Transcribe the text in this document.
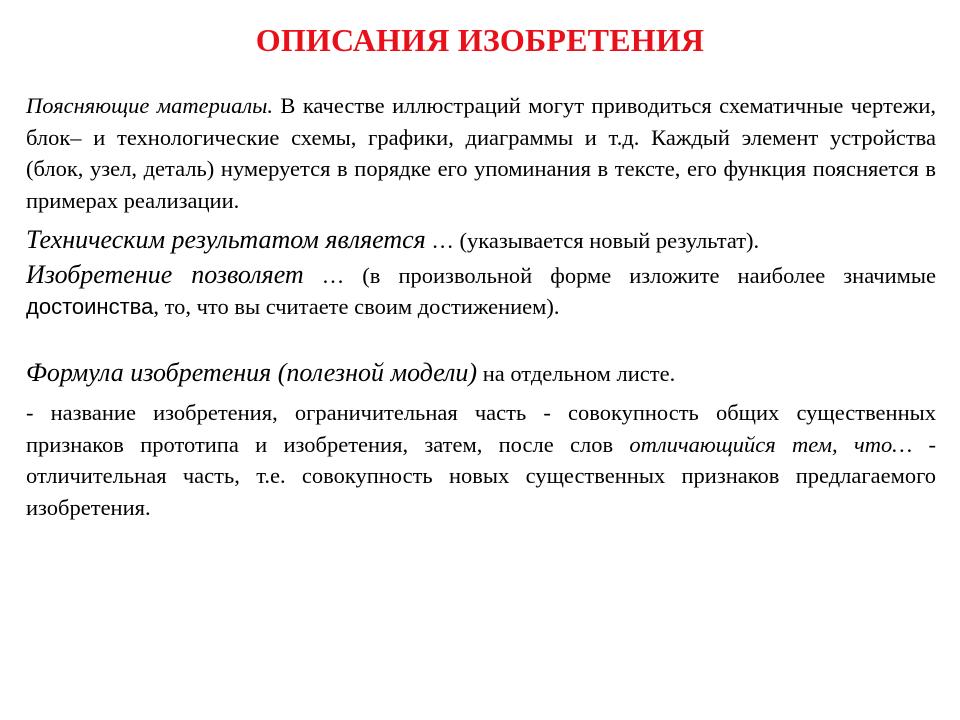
ОПИСАНИЯ ИЗОБРЕТЕНИЯ

Поясняющие материалы. В качестве иллюстраций могут приводиться схематичные чертежи, блок– и технологические схемы, графики, диаграммы и т.д. Каждый элемент устройства (блок, узел, деталь) нумеруется в порядке его упоминания в тексте, его функция поясняется в примерах реализации.

Техническим результатом является … (указывается новый результат).

Изобретение позволяет … (в произвольной форме изложите наиболее значимые достоинства, то, что вы считаете своим достижением).

Формула изобретения (полезной модели) на отдельном листе.

- название изобретения, ограничительная часть - совокупность общих существенных признаков прототипа и изобретения, затем, после слов отличающийся тем, что… - отличительная часть, т.е. совокупность новых существенных признаков предлагаемого изобретения.
